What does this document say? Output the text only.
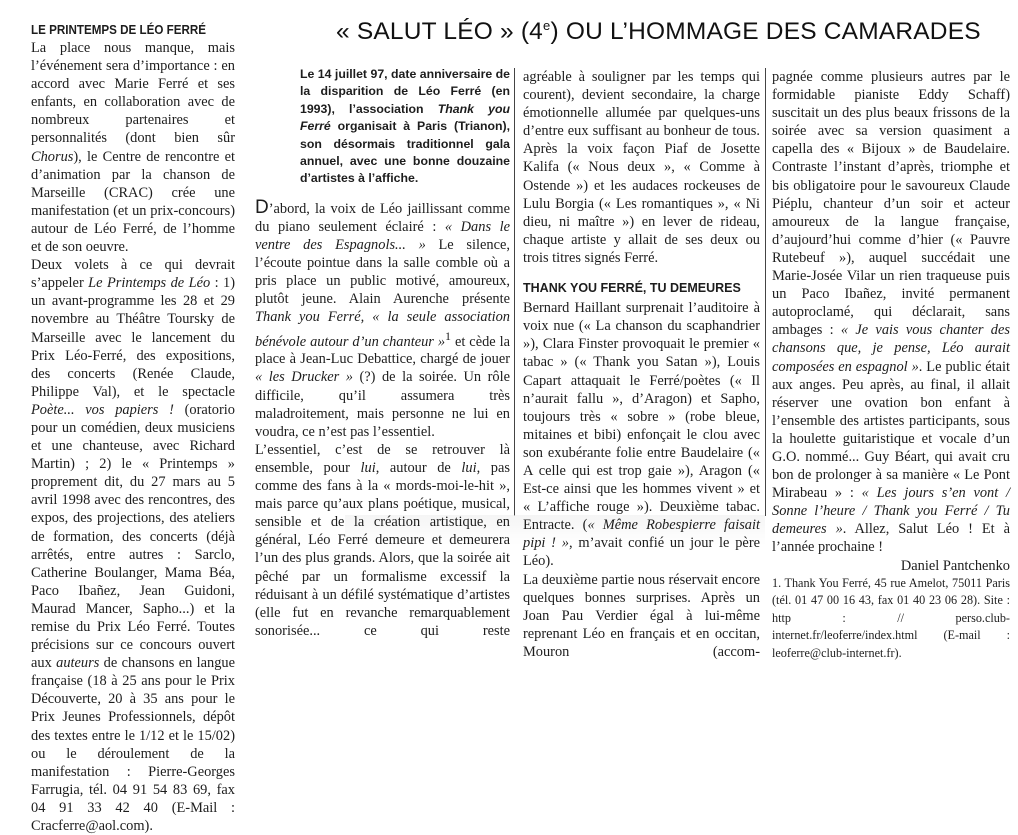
« SALUT LÉO » (4e) OU L’HOMMAGE DES CAMARADES
LE PRINTEMPS DE LÉO FERRÉ

La place nous manque, mais l’événement sera d’importance : en accord avec Marie Ferré et ses enfants, en collaboration avec de nombreux partenaires et personnalités (dont bien sûr Chorus), le Centre de rencontre et d’animation par la chanson de Marseille (CRAC) crée une manifestation (et un prix-concours) autour de Léo Ferré, de l’homme et de son oeuvre.

Deux volets à ce qui devrait s’appeler Le Printemps de Léo : 1) un avant-programme les 28 et 29 novembre au Théâtre Toursky de Marseille avec le lancement du Prix Léo-Ferré, des expositions, des concerts (Renée Claude, Philippe Val), et le spectacle Poète... vos papiers ! (oratorio pour un comédien, deux musiciens et une chanteuse, avec Richard Martin) ; 2) le « Printemps » proprement dit, du 27 mars au 5 avril 1998 avec des rencontres, des expos, des projections, des ateliers de formation, des concerts (déjà arrêtés, entre autres : Sarclo, Catherine Boulanger, Mama Béa, Paco Ibañez, Jean Guidoni, Maurad Mancer, Sapho...) et la remise du Prix Léo Ferré. Toutes précisions sur ce concours ouvert aux auteurs de chansons en langue française (18 à 25 ans pour le Prix Découverte, 20 à 35 ans pour le Prix Jeunes Professionnels, dépôt des textes entre le 1/12 et le 15/02) ou le déroulement de la manifestation : Pierre-Georges Farrugia, tél. 04 91 54 83 69, fax 04 91 33 42 40 (E-Mail : Cracferre@aol.com).

Le 14 juillet 97, date anniversaire de la disparition de Léo Ferré (en 1993), l’association Thank you Ferré organisait à Paris (Trianon), son désormais traditionnel gala annuel, avec une bonne douzaine d’artistes à l’affiche.

D’abord, la voix de Léo jaillissant comme du piano seulement éclairé : « Dans le ventre des Espagnols... » Le silence, l’écoute pointue dans la salle comble où a pris place un public motivé, amoureux, plutôt jeune. Alain Aurenche présente Thank you Ferré, « la seule association bénévole autour d’un chanteur »$^1$ et cède la place à Jean-Luc Debattice, chargé de jouer « les Drucker » (?) de la soirée. Un rôle difficile, qu’il assumera très maladroitement, mais personne ne lui en voudra, ce n’est pas l’essentiel.

L’essentiel, c’est de se retrouver là ensemble, pour lui, autour de lui, pas comme des fans à la « mords-moi-le-hit », mais parce qu’aux plans poétique, musical, sensible et de la création artistique, en général, Léo Ferré demeure et demeurera l’un des plus grands. Alors, que la soirée ait pêché par un formalisme excessif la réduisant à un défilé systématique d’artistes (elle fut en revanche remarquablement sonorisée... ce qui reste

agréable à souligner par les temps qui courent), devient secondaire, la charge émotionnelle allumée par quelques-uns d’entre eux suffisant au bonheur de tous. Après la voix façon Piaf de Josette Kalifa (« Nous deux », « Comme à Ostende ») et les audaces rockeuses de Lulu Borgia (« Les romantiques », « Ni dieu, ni maître ») en lever de rideau, chaque artiste y allait de ses deux ou trois titres signés Ferré.

THANK YOU FERRÉ, TU DEMEURES

Bernard Haillant surprenait l’auditoire à voix nue (« La chanson du scaphandrier »), Clara Finster provoquait le premier « tabac » (« Thank you Satan »), Louis Capart attaquait le Ferré/poètes (« Il n’aurait fallu », d’Aragon) et Sapho, toujours très « sobre » (robe bleue, mitaines et bibi) enfonçait le clou avec son exubérante folie entre Baudelaire (« A celle qui est trop gaie »), Aragon (« Est-ce ainsi que les hommes vivent » et « L’affiche rouge »). Deuxième tabac. Entracte. (« Même Robespierre faisait pipi ! », m’avait confié un jour le père Léo).

La deuxième partie nous réservait encore quelques bonnes surprises. Après un Joan Pau Verdier égal à lui-même reprenant Léo en français et en occitan, Mouron (accom-

pagnée comme plusieurs autres par le formidable pianiste Eddy Schaff) suscitait un des plus beaux frissons de la soirée avec sa version quasiment a capella des « Bijoux » de Baudelaire. Contraste l’instant d’après, triomphe et bis obligatoire pour le savoureux Claude Piéplu, chanteur d’un soir et acteur amoureux de la langue française, d’aujourd’hui comme d’hier (« Pauvre Rutebeuf »), auquel succédait une Marie-Josée Vilar un rien traqueuse puis un Paco Ibañez, invité permanent autoproclamé, qui déclarait, sans ambages : « Je vais vous chanter des chansons que, je pense, Léo aurait composées en espagnol ». Le public était aux anges. Peu après, au final, il allait réserver une ovation bon enfant à l’ensemble des artistes participants, sous la houlette guitaristique et vocale d’un G.O. nommé... Guy Béart, qui avait cru bon de prolonger à sa manière « Le Pont Mirabeau » : « Les jours s’en vont / Sonne l’heure / Thank you Ferré / Tu demeures ». Allez, Salut Léo ! Et à l’année prochaine !

Daniel Pantchenko

1. Thank You Ferré, 45 rue Amelot, 75011 Paris (tél. 01 47 00 16 43, fax 01 40 23 06 28). Site : http : // perso.club-internet.fr/leoferre/index.html (E-mail : leoferre@club-internet.fr).
